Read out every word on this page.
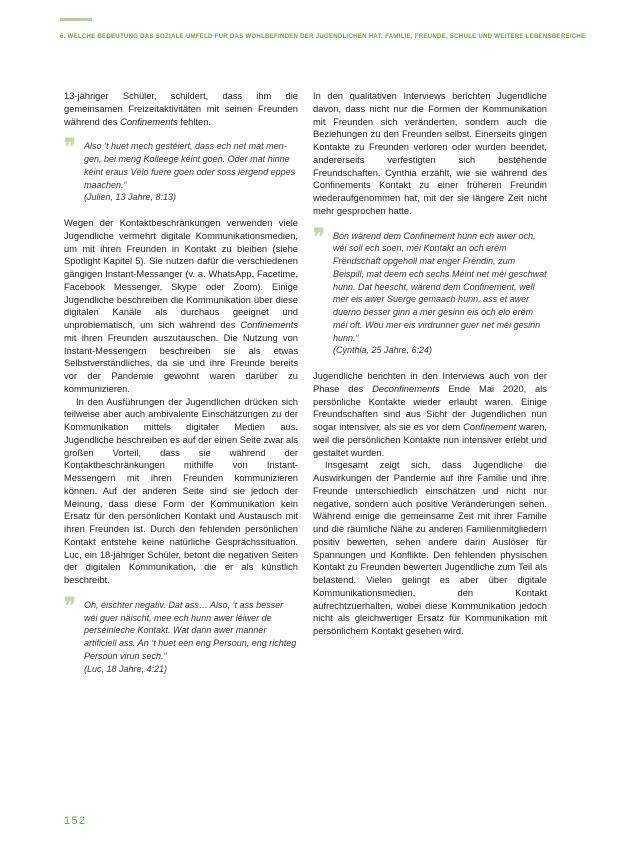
6. WELCHE BEDEUTUNG DAS SOZIALE UMFELD FÜR DAS WOHLBEFINDEN DER JUGENDLICHEN HAT: FAMILIE, FREUNDE, SCHULE UND WEITERE LEBENSBEREICHE

13-jähriger Schüler, schildert, dass ihm die gemeinsamen Freizeitaktivitäten mit seinen Freunden während des Confinements fehlten.

❞ Also ‘t huet mech gestéiert, dass ech net mat men-gen, bei meng Kolleege kéint goen. Oder mat hinne kéint eraus Vëlo fuere goen oder soss iergend eppes maachen.“
(Julien, 13 Jahre, 8:13)

Wegen der Kontaktbeschränkungen verwenden viele Jugendliche vermehrt digitale Kommunikationsmedien, um mit ihren Freunden in Kontakt zu bleiben (siehe Spotlight Kapitel 5). Sie nutzen dafür die verschiedenen gängigen Instant-Messanger (v. a. WhatsApp, Facetime, Facebook Messenger, Skype oder Zoom). Einige Jugendliche beschreiben die Kommunikation über diese digitalen Kanäle als durchaus geeignet und unproblematisch, um sich während des Confinements mit ihren Freunden auszutauschen. Die Nutzung von Instant-Messengern beschreiben sie als etwas Selbstverständliches, da sie und ihre Freunde bereits vor der Pandemie gewohnt waren darüber zu kommunizieren.

In den Ausführungen der Jugendlichen drücken sich teilweise aber auch ambivalente Einschätzungen zu der Kommunikation mittels digitaler Medien aus. Jugendliche beschreiben es auf der einen Seite zwar als großen Vorteil, dass sie während der Kontaktbeschränkungen mithilfe von Instant-Messengern mit ihren Freunden kommunizieren können. Auf der anderen Seite sind sie jedoch der Meinung, dass diese Form der Kommunikation kein Ersatz für den persönlichen Kontakt und Austausch mit ihren Freunden ist. Durch den fehlenden persönlichen Kontakt entstehe keine natürliche Gesprächssituation. Luc, ein 18-jähriger Schüler, betont die negativen Seiten der digitalen Kommunikation, die er als künstlich beschreibt.

❞ Oh, éischter negativ. Dat ass… Also, ‘t ass besser wéi guer näischt, mee ech hunn awer léiwer de perséinleche Kontakt. Wat dann awer manner artificiell ass. An ‘t huet een eng Persoun, eng richteg Persoun virun sech.“
(Luc, 18 Jahre, 4:21)

In den qualitativen Interviews berichten Jugendliche davon, dass nicht nur die Formen der Kommunikation mit Freunden sich veränderten, sondern auch die Beziehungen zu den Freunden selbst. Einerseits gingen Kontakte zu Freunden verloren oder wurden beendet, andererseits verfestigten sich bestehende Freundschaften. Cynthia erzählt, wie sie während des Confinements Kontakt zu einer früheren Freundin wiederaufgenommen hat, mit der sie längere Zeit nicht mehr gesprochen hatte.

❞ Bon wärend dem Confinement hunn ech awer och, wéi soll ech soen, méi Kontakt an och erëm Frëndschaft opgeholl mat enger Frëndin, zum Beispill, mat deem ech sechs Méint net méi geschwat hunn. Dat heescht, wärend dem Confinement, well mer eis awer Suerge gemaach hunn, ass et awer duerno besser ginn a mer gesinn eis och elo erëm méi oft. Wou mer eis virdrunner guer net méi gesinn hunn.“
(Cynthia, 25 Jahre, 6:24)

Jugendliche berichten in den Interviews auch von der Phase des Deconfinements Ende Mai 2020, als persönliche Kontakte wieder erlaubt waren. Einige Freundschaften sind aus Sicht der Jugendlichen nun sogar intensiver, als sie es vor dem Confinement waren, weil die persönlichen Kontakte nun intensiver erlebt und gestaltet wurden.

Insgesamt zeigt sich, dass Jugendliche die Auswirkungen der Pandemie auf ihre Familie und ihre Freunde unterschiedlich einschätzen und nicht nur negative, sondern auch positive Veränderungen sehen. Während einige die gemeinsame Zeit mit ihrer Familie und die räumliche Nähe zu anderen Familienmitgliedern positiv bewerten, sehen andere darin Auslöser für Spannungen und Konflikte. Den fehlenden physischen Kontakt zu Freunden bewerten Jugendliche zum Teil als belastend. Vielen gelingt es aber über digitale Kommunikationsmedien, den Kontakt aufrechtzuerhalten, wobei diese Kommunikation jedoch nicht als gleichwertiger Ersatz für Kommunikation mit persönlichem Kontakt gesehen wird.

152
